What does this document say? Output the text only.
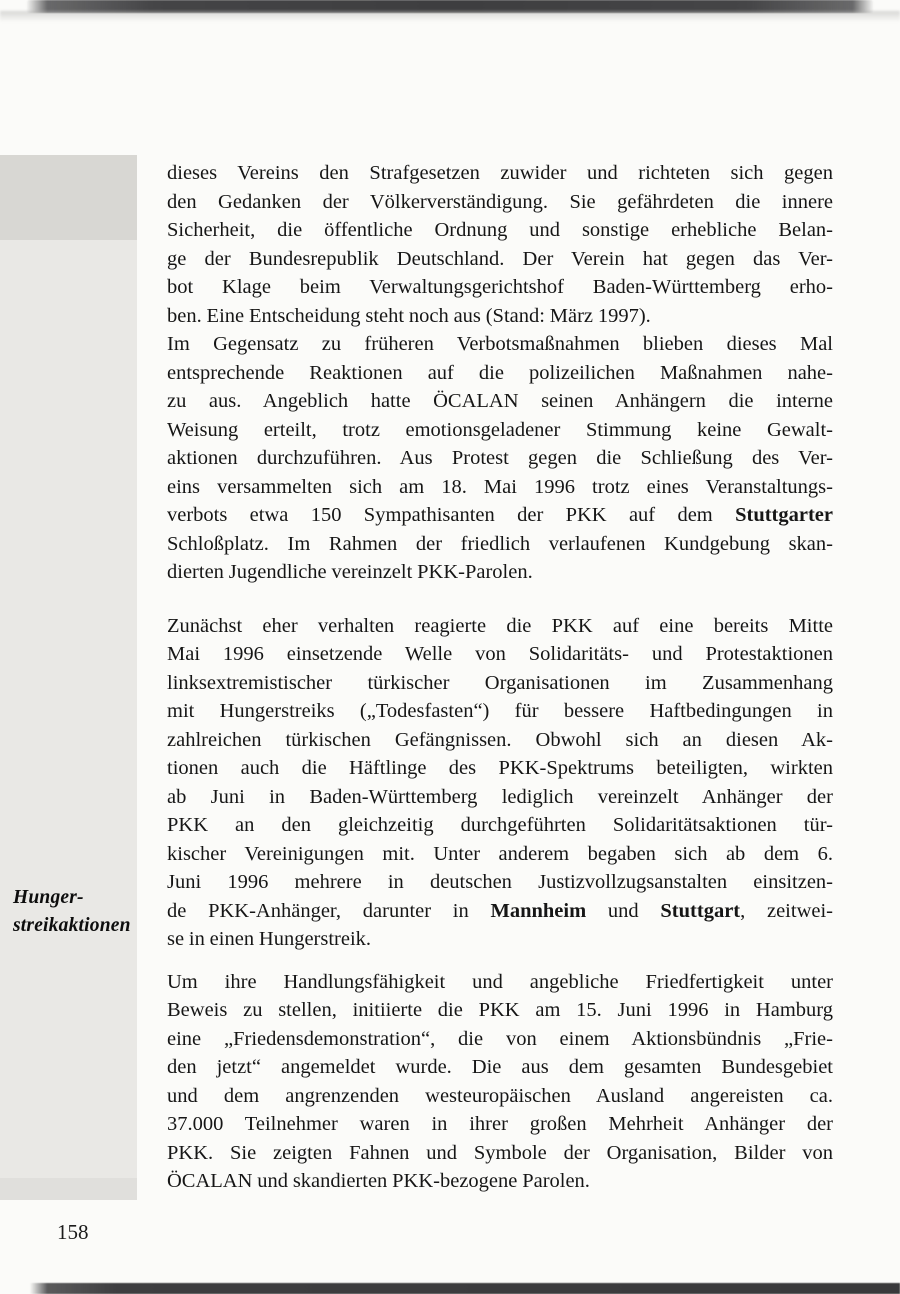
Hunger-
streikaktionen
dieses Vereins den Strafgesetzen zuwider und richteten sich gegen
den Gedanken der Völkerverständigung. Sie gefährdeten die innere
Sicherheit, die öffentliche Ordnung und sonstige erhebliche Belan-
ge der Bundesrepublik Deutschland. Der Verein hat gegen das Ver-
bot Klage beim Verwaltungsgerichtshof Baden-Württemberg erho-
ben. Eine Entscheidung steht noch aus (Stand: März 1997).
Im Gegensatz zu früheren Verbotsmaßnahmen blieben dieses Mal
entsprechende Reaktionen auf die polizeilichen Maßnahmen nahe-
zu aus. Angeblich hatte ÖCALAN seinen Anhängern die interne
Weisung erteilt, trotz emotionsgeladener Stimmung keine Gewalt-
aktionen durchzuführen. Aus Protest gegen die Schließung des Ver-
eins versammelten sich am 18. Mai 1996 trotz eines Veranstaltungs-
verbots etwa 150 Sympathisanten der PKK auf dem Stuttgarter
Schloßplatz. Im Rahmen der friedlich verlaufenen Kundgebung skan-
dierten Jugendliche vereinzelt PKK-Parolen.
Zunächst eher verhalten reagierte die PKK auf eine bereits Mitte
Mai 1996 einsetzende Welle von Solidaritäts- und Protestaktionen
linksextremistischer türkischer Organisationen im Zusammenhang
mit Hungerstreiks („Todesfasten“) für bessere Haftbedingungen in
zahlreichen türkischen Gefängnissen. Obwohl sich an diesen Ak-
tionen auch die Häftlinge des PKK-Spektrums beteiligten, wirkten
ab Juni in Baden-Württemberg lediglich vereinzelt Anhänger der
PKK an den gleichzeitig durchgeführten Solidaritätsaktionen tür-
kischer Vereinigungen mit. Unter anderem begaben sich ab dem 6.
Juni 1996 mehrere in deutschen Justizvollzugsanstalten einsitzen-
de PKK-Anhänger, darunter in Mannheim und Stuttgart, zeitwei-
se in einen Hungerstreik.
Um ihre Handlungsfähigkeit und angebliche Friedfertigkeit unter
Beweis zu stellen, initiierte die PKK am 15. Juni 1996 in Hamburg
eine „Friedensdemonstration“, die von einem Aktionsbündnis „Frie-
den jetzt“ angemeldet wurde. Die aus dem gesamten Bundesgebiet
und dem angrenzenden westeuropäischen Ausland angereisten ca.
37.000 Teilnehmer waren in ihrer großen Mehrheit Anhänger der
PKK. Sie zeigten Fahnen und Symbole der Organisation, Bilder von
ÖCALAN und skandierten PKK-bezogene Parolen.
158
